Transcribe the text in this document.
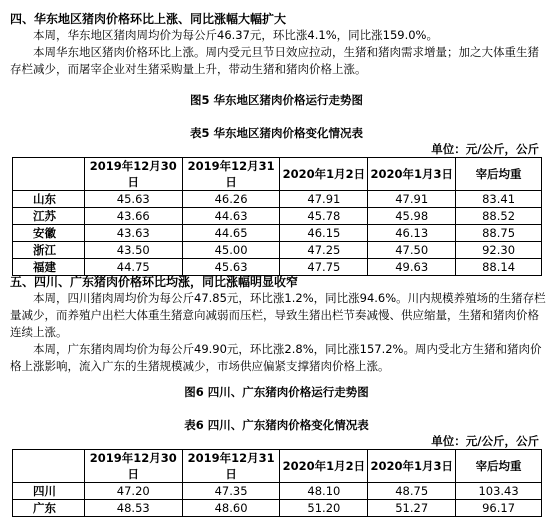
四、华东地区猪肉价格环比上涨、同比涨幅大幅扩大
本周，华东地区猪肉周均价为每公斤46.37元，环比涨4.1%，同比涨159.0%。
本周华东地区猪肉价格环比上涨。周内受元旦节日效应拉动，生猪和猪肉需求增量；加之大体重生猪存栏减少，而屠宰企业对生猪采购量上升，带动生猪和猪肉价格上涨。
图5 华东地区猪肉价格运行走势图
表5 华东地区猪肉价格变化情况表
单位：元/公斤，公斤
	2019年12月30日	2019年12月31日	2020年1月2日	2020年1月3日	宰后均重
山东	45.63	46.26	47.91	47.91	83.41
江苏	43.66	44.63	45.78	45.98	88.52
安徽	43.63	44.65	46.15	46.13	88.75
浙江	43.50	45.00	47.25	47.50	92.30
福建	44.75	45.63	47.75	49.63	88.14
五、四川、广东猪肉价格环比均涨，同比涨幅明显收窄
本周，四川猪肉周均价为每公斤47.85元，环比涨1.2%，同比涨94.6%。川内规模养殖场的生猪存栏量减少，而养殖户出栏大体重生猪意向减弱而压栏，导致生猪出栏节奏减慢、供应缩量，生猪和猪肉价格连续上涨。
本周，广东猪肉周均价为每公斤49.90元，环比涨2.8%，同比涨157.2%。周内受北方生猪和猪肉价格上涨影响，流入广东的生猪规模减少，市场供应偏紧支撑猪肉价格上涨。
图6 四川、广东猪肉价格运行走势图
表6 四川、广东猪肉价格变化情况表
单位：元/公斤，公斤
	2019年12月30日	2019年12月31日	2020年1月2日	2020年1月3日	宰后均重
四川	47.20	47.35	48.10	48.75	103.43
广东	48.53	48.60	51.20	51.27	96.17
